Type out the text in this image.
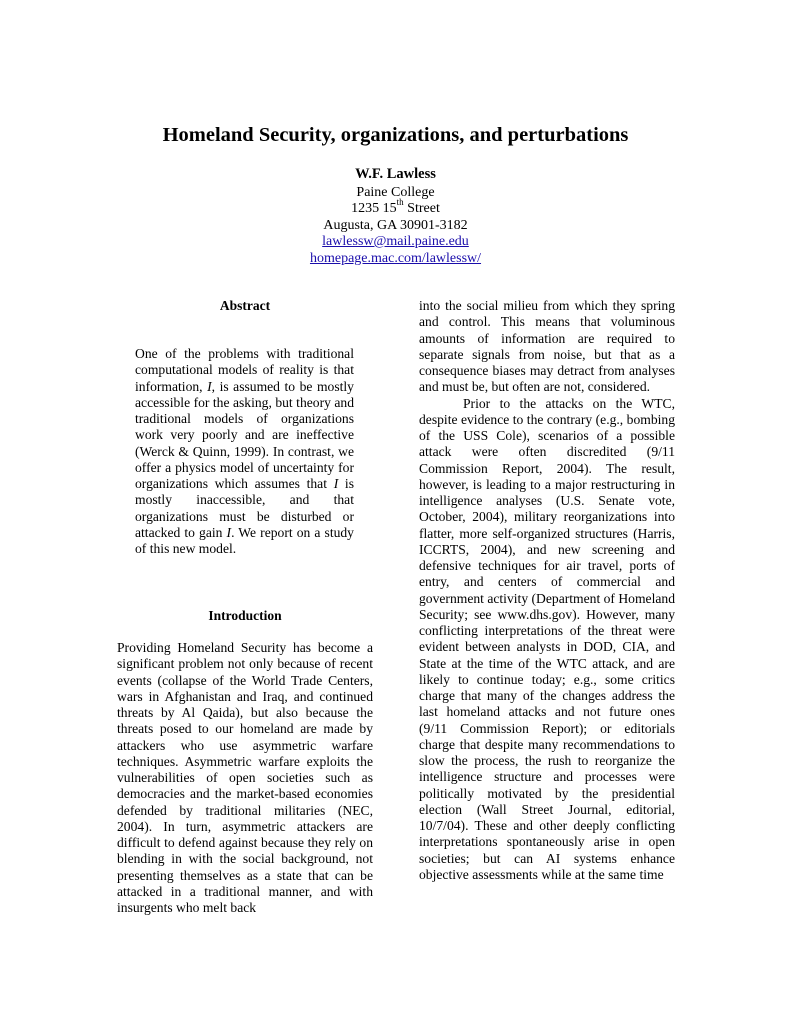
Homeland Security, organizations, and perturbations
W.F. Lawless
Paine College
1235 15th Street
Augusta, GA 30901-3182
lawlessw@mail.paine.edu
homepage.mac.com/lawlessw/
Abstract
One of the problems with traditional computational models of reality is that information, I, is assumed to be mostly accessible for the asking, but theory and traditional models of organizations work very poorly and are ineffective (Werck & Quinn, 1999). In contrast, we offer a physics model of uncertainty for organizations which assumes that I is mostly inaccessible, and that organizations must be disturbed or attacked to gain I. We report on a study of this new model.
Introduction

Providing Homeland Security has become a significant problem not only because of recent events (collapse of the World Trade Centers, wars in Afghanistan and Iraq, and continued threats by Al Qaida), but also because the threats posed to our homeland are made by attackers who use asymmetric warfare techniques. Asymmetric warfare exploits the vulnerabilities of open societies such as democracies and the market-based economies defended by traditional militaries (NEC, 2004). In turn, asymmetric attackers are difficult to defend against because they rely on blending in with the social background, not presenting themselves as a state that can be attacked in a traditional manner, and with insurgents who melt back

into the social milieu from which they spring and control. This means that voluminous amounts of information are required to separate signals from noise, but that as a consequence biases may detract from analyses and must be, but often are not, considered.

Prior to the attacks on the WTC, despite evidence to the contrary (e.g., bombing of the USS Cole), scenarios of a possible attack were often discredited (9/11 Commission Report, 2004). The result, however, is leading to a major restructuring in intelligence analyses (U.S. Senate vote, October, 2004), military reorganizations into flatter, more self-organized structures (Harris, ICCRTS, 2004), and new screening and defensive techniques for air travel, ports of entry, and centers of commercial and government activity (Department of Homeland Security; see www.dhs.gov). However, many conflicting interpretations of the threat were evident between analysts in DOD, CIA, and State at the time of the WTC attack, and are likely to continue today; e.g., some critics charge that many of the changes address the last homeland attacks and not future ones (9/11 Commission Report); or editorials charge that despite many recommendations to slow the process, the rush to reorganize the intelligence structure and processes were politically motivated by the presidential election (Wall Street Journal, editorial, 10/7/04). These and other deeply conflicting interpretations spontaneously arise in open societies; but can AI systems enhance objective assessments while at the same time
